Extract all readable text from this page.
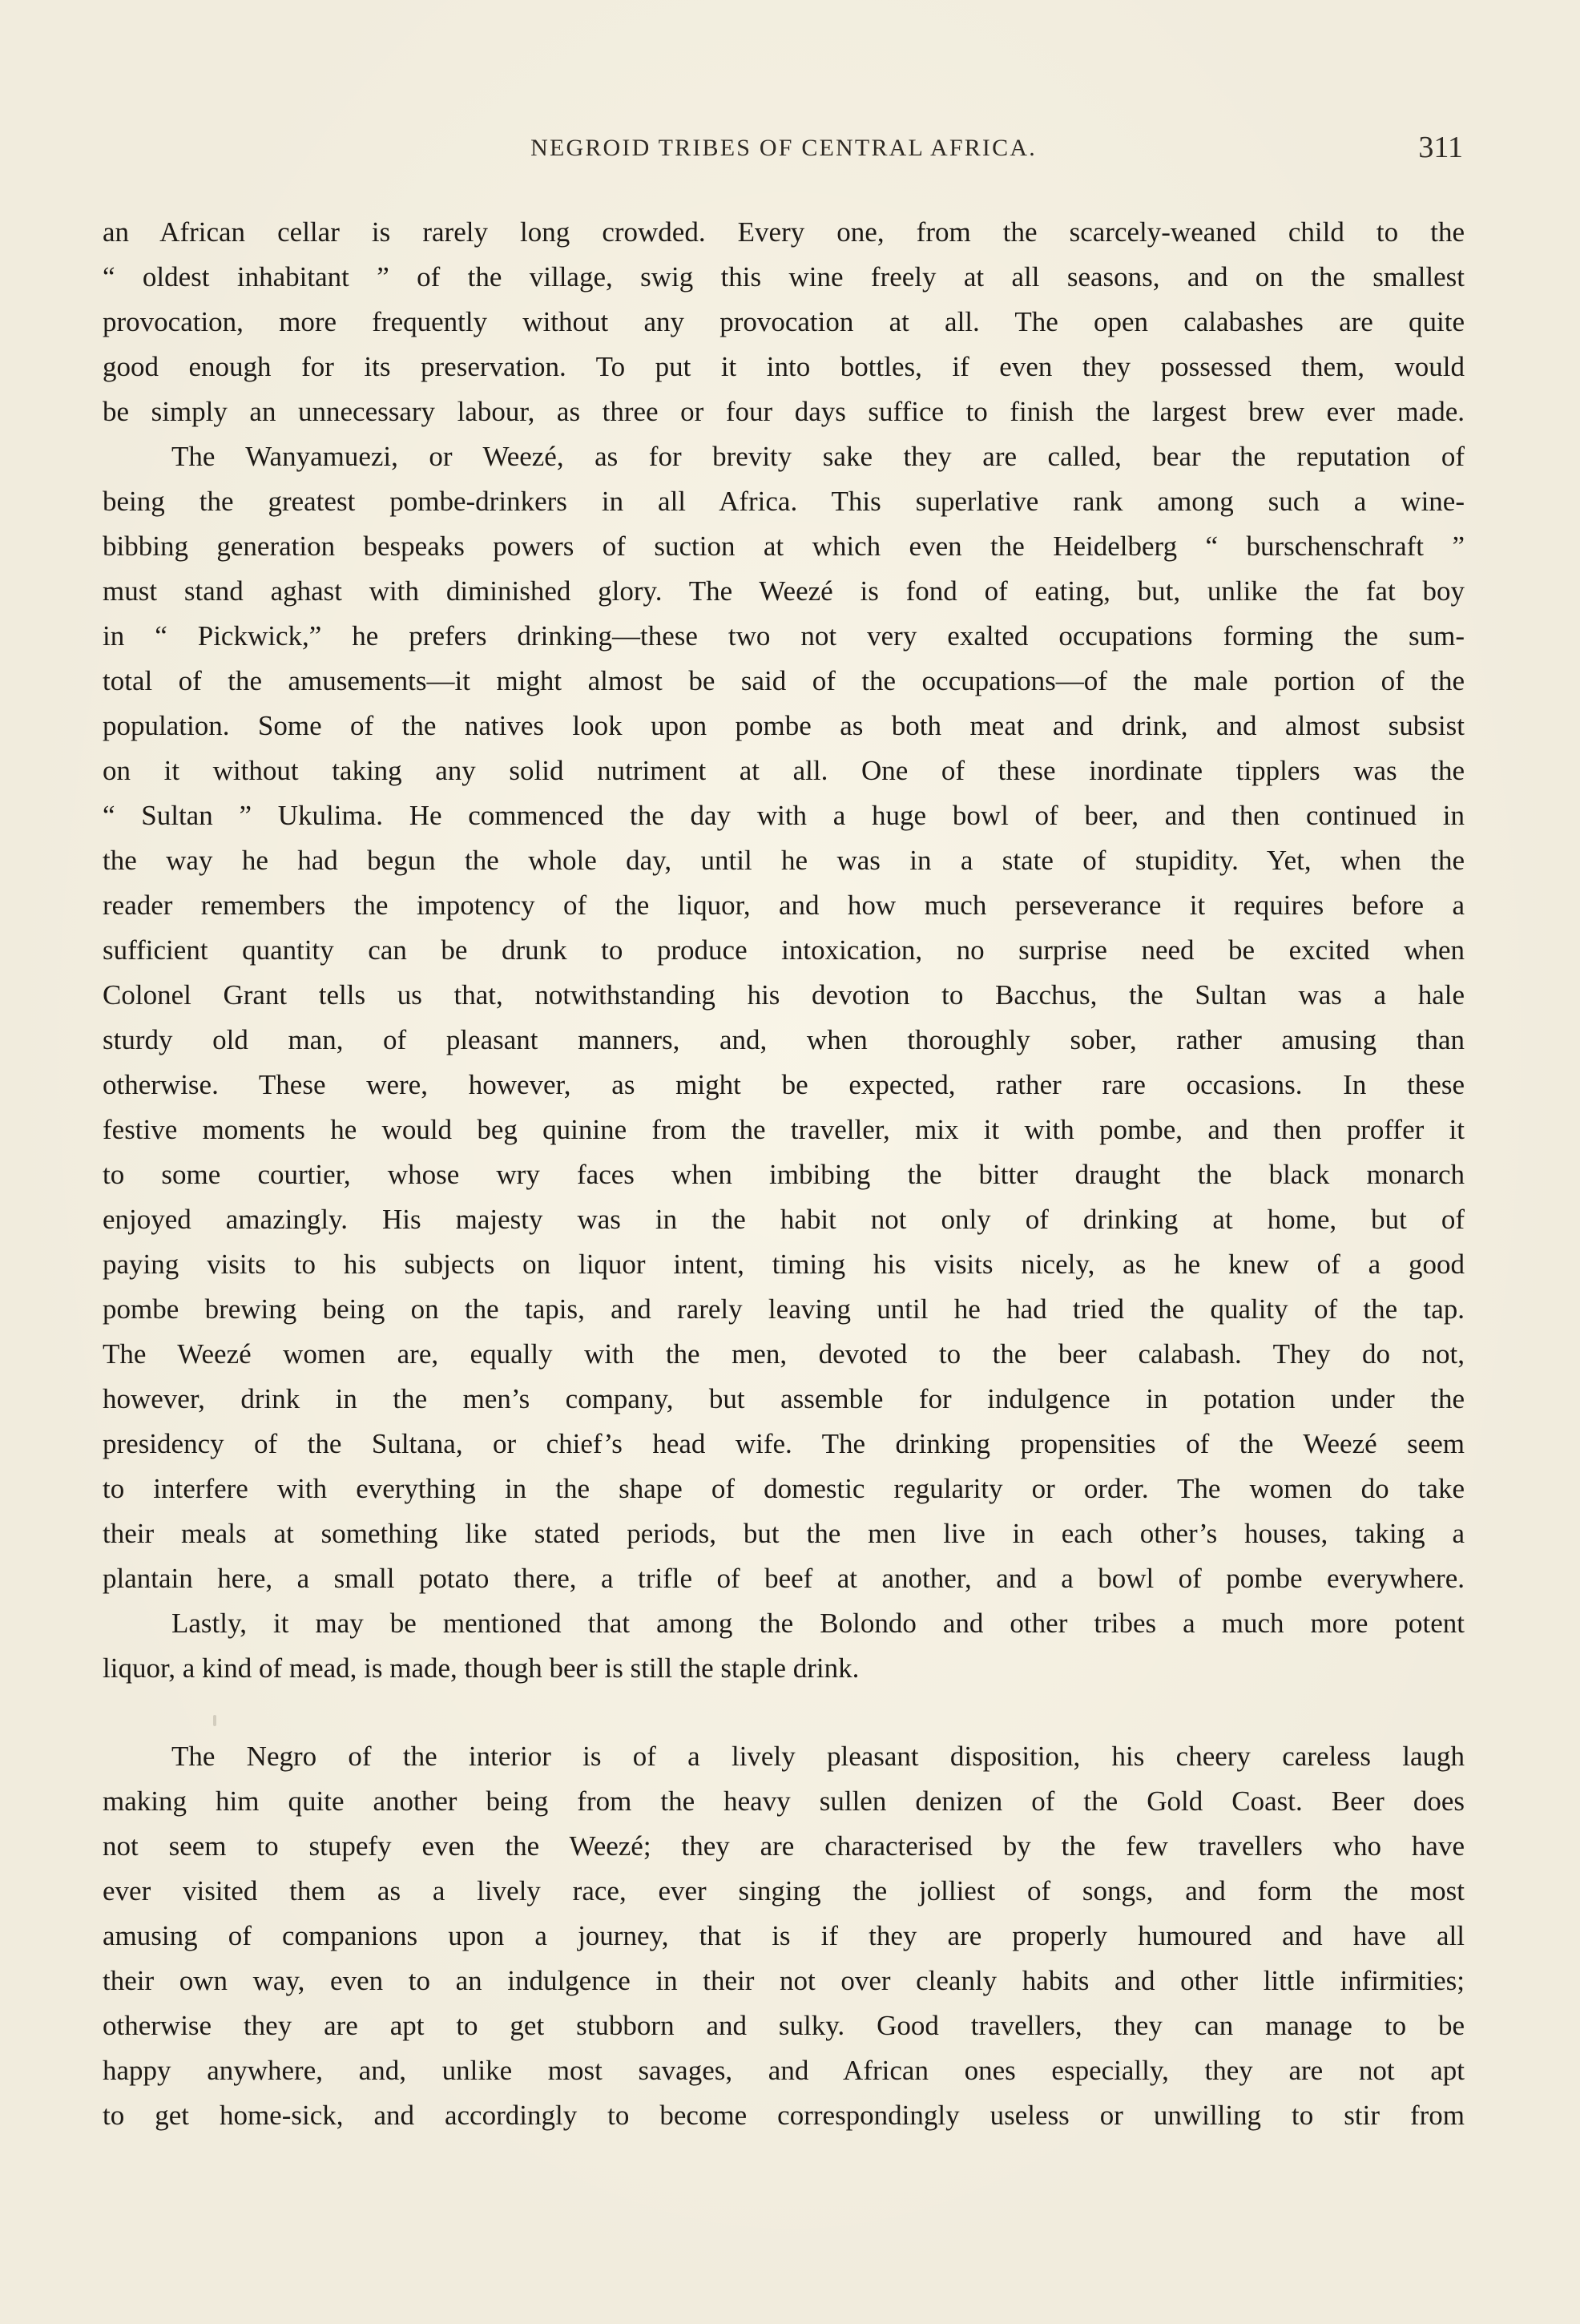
NEGROID TRIBES OF CENTRAL AFRICA.	311
an African cellar is rarely long crowded. Every one, from the scarcely-weaned child to the
“ oldest inhabitant ” of the village, swig this wine freely at all seasons, and on the smallest
provocation, more frequently without any provocation at all. The open calabashes are quite
good enough for its preservation. To put it into bottles, if even they possessed them, would
be simply an unnecessary labour, as three or four days suffice to finish the largest brew ever made.
The Wanyamuezi, or Weezé, as for brevity sake they are called, bear the reputation of
being the greatest pombe-drinkers in all Africa. This superlative rank among such a wine-
bibbing generation bespeaks powers of suction at which even the Heidelberg “ burschenschraft ”
must stand aghast with diminished glory. The Weezé is fond of eating, but, unlike the fat boy
in “ Pickwick,” he prefers drinking—these two not very exalted occupations forming the sum-
total of the amusements—it might almost be said of the occupations—of the male portion of the
population. Some of the natives look upon pombe as both meat and drink, and almost subsist
on it without taking any solid nutriment at all. One of these inordinate tipplers was the
“ Sultan ” Ukulima. He commenced the day with a huge bowl of beer, and then continued in
the way he had begun the whole day, until he was in a state of stupidity. Yet, when the
reader remembers the impotency of the liquor, and how much perseverance it requires before a
sufficient quantity can be drunk to produce intoxication, no surprise need be excited when
Colonel Grant tells us that, notwithstanding his devotion to Bacchus, the Sultan was a hale
sturdy old man, of pleasant manners, and, when thoroughly sober, rather amusing than
otherwise. These were, however, as might be expected, rather rare occasions. In these
festive moments he would beg quinine from the traveller, mix it with pombe, and then proffer it
to some courtier, whose wry faces when imbibing the bitter draught the black monarch
enjoyed amazingly. His majesty was in the habit not only of drinking at home, but of
paying visits to his subjects on liquor intent, timing his visits nicely, as he knew of a good
pombe brewing being on the tapis, and rarely leaving until he had tried the quality of the tap.
The Weezé women are, equally with the men, devoted to the beer calabash. They do not,
however, drink in the men’s company, but assemble for indulgence in potation under the
presidency of the Sultana, or chief’s head wife. The drinking propensities of the Weezé seem
to interfere with everything in the shape of domestic regularity or order. The women do take
their meals at something like stated periods, but the men live in each other’s houses, taking a
plantain here, a small potato there, a trifle of beef at another, and a bowl of pombe everywhere.
Lastly, it may be mentioned that among the Bolondo and other tribes a much more potent
liquor, a kind of mead, is made, though beer is still the staple drink.
The Negro of the interior is of a lively pleasant disposition, his cheery careless laugh
making him quite another being from the heavy sullen denizen of the Gold Coast. Beer does
not seem to stupefy even the Weezé; they are characterised by the few travellers who have
ever visited them as a lively race, ever singing the jolliest of songs, and form the most
amusing of companions upon a journey, that is if they are properly humoured and have all
their own way, even to an indulgence in their not over cleanly habits and other little infirmities;
otherwise they are apt to get stubborn and sulky. Good travellers, they can manage to be
happy anywhere, and, unlike most savages, and African ones especially, they are not apt
to get home-sick, and accordingly to become correspondingly useless or unwilling to stir from
